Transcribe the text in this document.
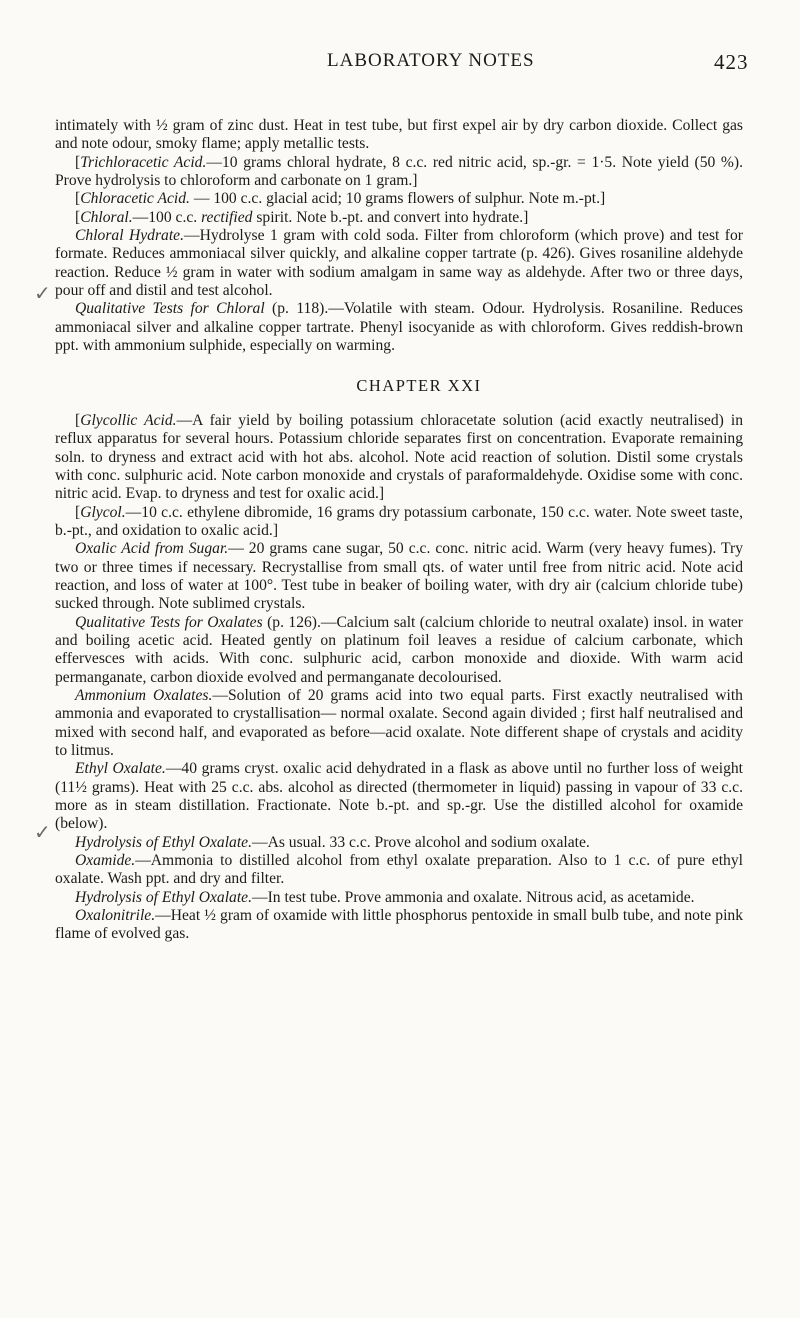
LABORATORY NOTES	423
✓
✓

intimately with ½ gram of zinc dust. Heat in test tube, but first expel air by dry carbon dioxide. Collect gas and note odour, smoky flame; apply metallic tests.

[Trichloracetic Acid.—10 grams chloral hydrate, 8 c.c. red nitric acid, sp.-gr. = 1·5. Note yield (50 %). Prove hydrolysis to chloroform and carbonate on 1 gram.]

[Chloracetic Acid. — 100 c.c. glacial acid; 10 grams flowers of sulphur. Note m.-pt.]

[Chloral.—100 c.c. rectified spirit. Note b.-pt. and convert into hydrate.]

Chloral Hydrate.—Hydrolyse 1 gram with cold soda. Filter from chloroform (which prove) and test for formate. Reduces ammoniacal silver quickly, and alkaline copper tartrate (p. 426). Gives rosaniline aldehyde reaction. Reduce ½ gram in water with sodium amalgam in same way as aldehyde. After two or three days, pour off and distil and test alcohol.

Qualitative Tests for Chloral (p. 118).—Volatile with steam. Odour. Hydrolysis. Rosaniline. Reduces ammoniacal silver and alkaline copper tartrate. Phenyl isocyanide as with chloroform. Gives reddish-brown ppt. with ammonium sulphide, especially on warming.

CHAPTER XXI

[Glycollic Acid.—A fair yield by boiling potassium chloracetate solution (acid exactly neutralised) in reflux apparatus for several hours. Potassium chloride separates first on concentration. Evaporate remaining soln. to dryness and extract acid with hot abs. alcohol. Note acid reaction of solution. Distil some crystals with conc. sulphuric acid. Note carbon monoxide and crystals of paraformaldehyde. Oxidise some with conc. nitric acid. Evap. to dryness and test for oxalic acid.]

[Glycol.—10 c.c. ethylene dibromide, 16 grams dry potassium carbonate, 150 c.c. water. Note sweet taste, b.-pt., and oxidation to oxalic acid.]

Oxalic Acid from Sugar.— 20 grams cane sugar, 50 c.c. conc. nitric acid. Warm (very heavy fumes). Try two or three times if necessary. Recrystallise from small qts. of water until free from nitric acid. Note acid reaction, and loss of water at 100°. Test tube in beaker of boiling water, with dry air (calcium chloride tube) sucked through. Note sublimed crystals.

Qualitative Tests for Oxalates (p. 126).—Calcium salt (calcium chloride to neutral oxalate) insol. in water and boiling acetic acid. Heated gently on platinum foil leaves a residue of calcium carbonate, which effervesces with acids. With conc. sulphuric acid, carbon monoxide and dioxide. With warm acid permanganate, carbon dioxide evolved and permanganate decolourised.

Ammonium Oxalates.—Solution of 20 grams acid into two equal parts. First exactly neutralised with ammonia and evaporated to crystallisation— normal oxalate. Second again divided ; first half neutralised and mixed with second half, and evaporated as before—acid oxalate. Note different shape of crystals and acidity to litmus.

Ethyl Oxalate.—40 grams cryst. oxalic acid dehydrated in a flask as above until no further loss of weight (11½ grams). Heat with 25 c.c. abs. alcohol as directed (thermometer in liquid) passing in vapour of 33 c.c. more as in steam distillation. Fractionate. Note b.-pt. and sp.-gr. Use the distilled alcohol for oxamide (below).

Hydrolysis of Ethyl Oxalate.—As usual. 33 c.c. Prove alcohol and sodium oxalate.

Oxamide.—Ammonia to distilled alcohol from ethyl oxalate preparation. Also to 1 c.c. of pure ethyl oxalate. Wash ppt. and dry and filter.

Hydrolysis of Ethyl Oxalate.—In test tube. Prove ammonia and oxalate. Nitrous acid, as acetamide.

Oxalonitrile.—Heat ½ gram of oxamide with little phosphorus pentoxide in small bulb tube, and note pink flame of evolved gas.
